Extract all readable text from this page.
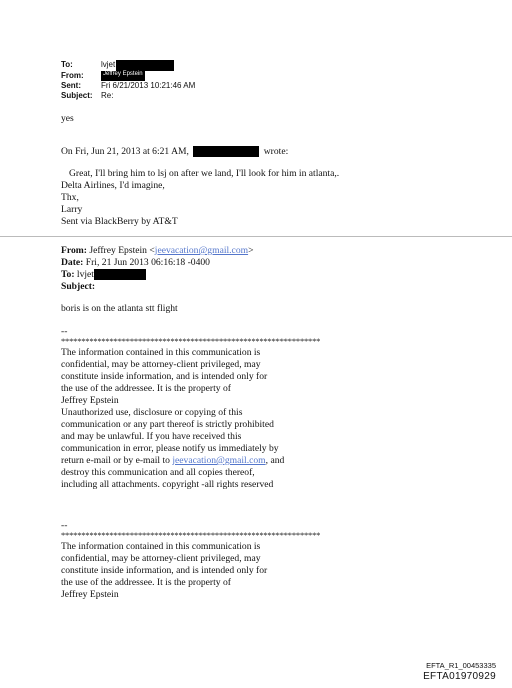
To:	lvjet
From:	Jeffrey Epstein
Sent:	Fri 6/21/2013 10:21:46 AM
Subject:	Re:
yes
On Fri, Jun 21, 2013 at 6:21 AM,	wrote:
Great, I'll bring him to lsj on after we land, I'll look for him in atlanta,.
Delta Airlines, I'd imagine,
Thx,
Larry
Sent via BlackBerry by AT&T
From: Jeffrey Epstein <jeevacation@gmail.com>
Date: Fri, 21 Jun 2013 06:16:18 -0400
To: lvjet
Subject:
boris is on the atlanta stt flight
--
****************************************************************
The information contained in this communication is
confidential, may be attorney-client privileged, may
constitute inside information, and is intended only for
the use of the addressee. It is the property of
Jeffrey Epstein
Unauthorized use, disclosure or copying of this
communication or any part thereof is strictly prohibited
and may be unlawful. If you have received this
communication in error, please notify us immediately by
return e-mail or by e-mail to jeevacation@gmail.com, and
destroy this communication and all copies thereof,
including all attachments. copyright -all rights reserved
--
****************************************************************
The information contained in this communication is
confidential, may be attorney-client privileged, may
constitute inside information, and is intended only for
the use of the addressee. It is the property of
Jeffrey Epstein
EFTA_R1_00453335
EFTA01970929
